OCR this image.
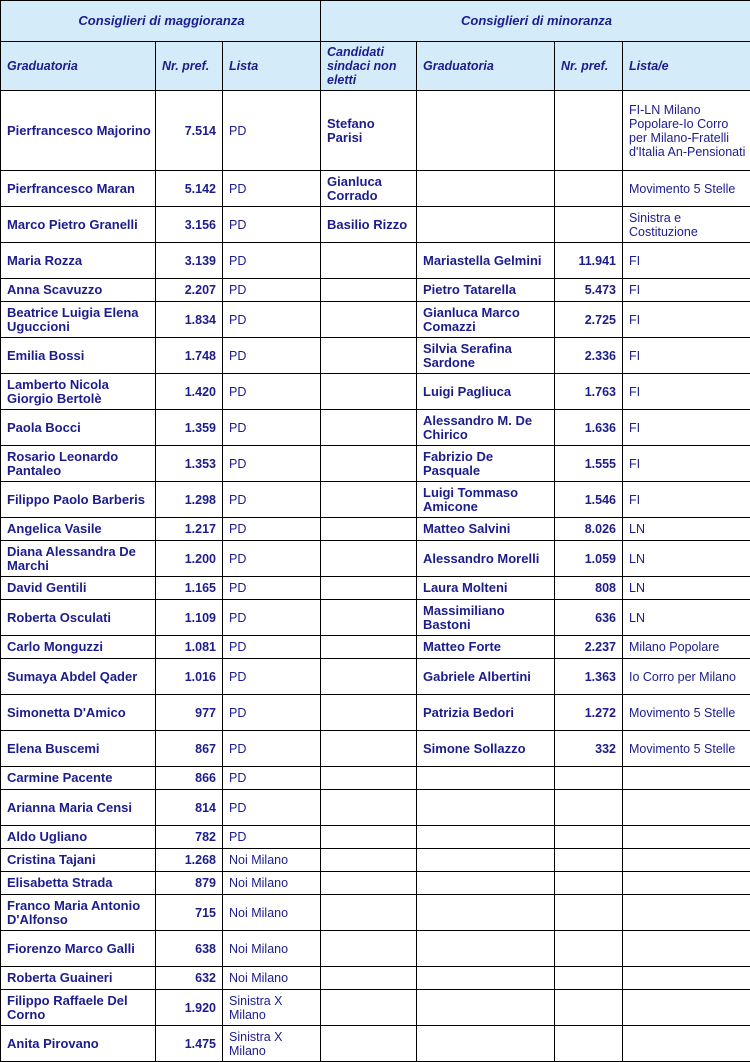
Consiglieri di maggioranza			Consiglieri di minoranza			
Graduatoria	Nr. pref.	Lista	Candidati sindaci non eletti	Graduatoria	Nr. pref.	Lista/e
Pierfrancesco Majorino	7.514	PD	Stefano Parisi			FI-LN Milano Popolare-Io Corro per Milano-Fratelli d'Italia An-Pensionati
Pierfrancesco Maran	5.142	PD	Gianluca Corrado			Movimento 5 Stelle
Marco Pietro Granelli	3.156	PD	Basilio Rizzo			Sinistra e Costituzione
Maria Rozza	3.139	PD		Mariastella Gelmini	11.941	FI
Anna Scavuzzo	2.207	PD		Pietro Tatarella	5.473	FI
Beatrice Luigia Elena Uguccioni	1.834	PD		Gianluca Marco Comazzi	2.725	FI
Emilia Bossi	1.748	PD		Silvia Serafina Sardone	2.336	FI
Lamberto Nicola Giorgio Bertolè	1.420	PD		Luigi Pagliuca	1.763	FI
Paola Bocci	1.359	PD		Alessandro M. De Chirico	1.636	FI
Rosario Leonardo Pantaleo	1.353	PD		Fabrizio De Pasquale	1.555	FI
Filippo Paolo Barberis	1.298	PD		Luigi Tommaso Amicone	1.546	FI
Angelica Vasile	1.217	PD		Matteo Salvini	8.026	LN
Diana Alessandra De Marchi	1.200	PD		Alessandro Morelli	1.059	LN
David Gentili	1.165	PD		Laura Molteni	808	LN
Roberta Osculati	1.109	PD		Massimiliano Bastoni	636	LN
Carlo Monguzzi	1.081	PD		Matteo Forte	2.237	Milano Popolare
Sumaya Abdel Qader	1.016	PD		Gabriele Albertini	1.363	Io Corro per Milano
Simonetta D'Amico	977	PD		Patrizia Bedori	1.272	Movimento 5 Stelle
Elena Buscemi	867	PD		Simone Sollazzo	332	Movimento 5 Stelle
Carmine Pacente	866	PD				
Arianna Maria Censi	814	PD				
Aldo Ugliano	782	PD				
Cristina Tajani	1.268	Noi Milano				
Elisabetta Strada	879	Noi Milano				
Franco Maria Antonio D'Alfonso	715	Noi Milano				
Fiorenzo Marco Galli	638	Noi Milano				
Roberta Guaineri	632	Noi Milano				
Filippo Raffaele Del Corno	1.920	Sinistra X Milano				
Anita Pirovano	1.475	Sinistra X Milano				
